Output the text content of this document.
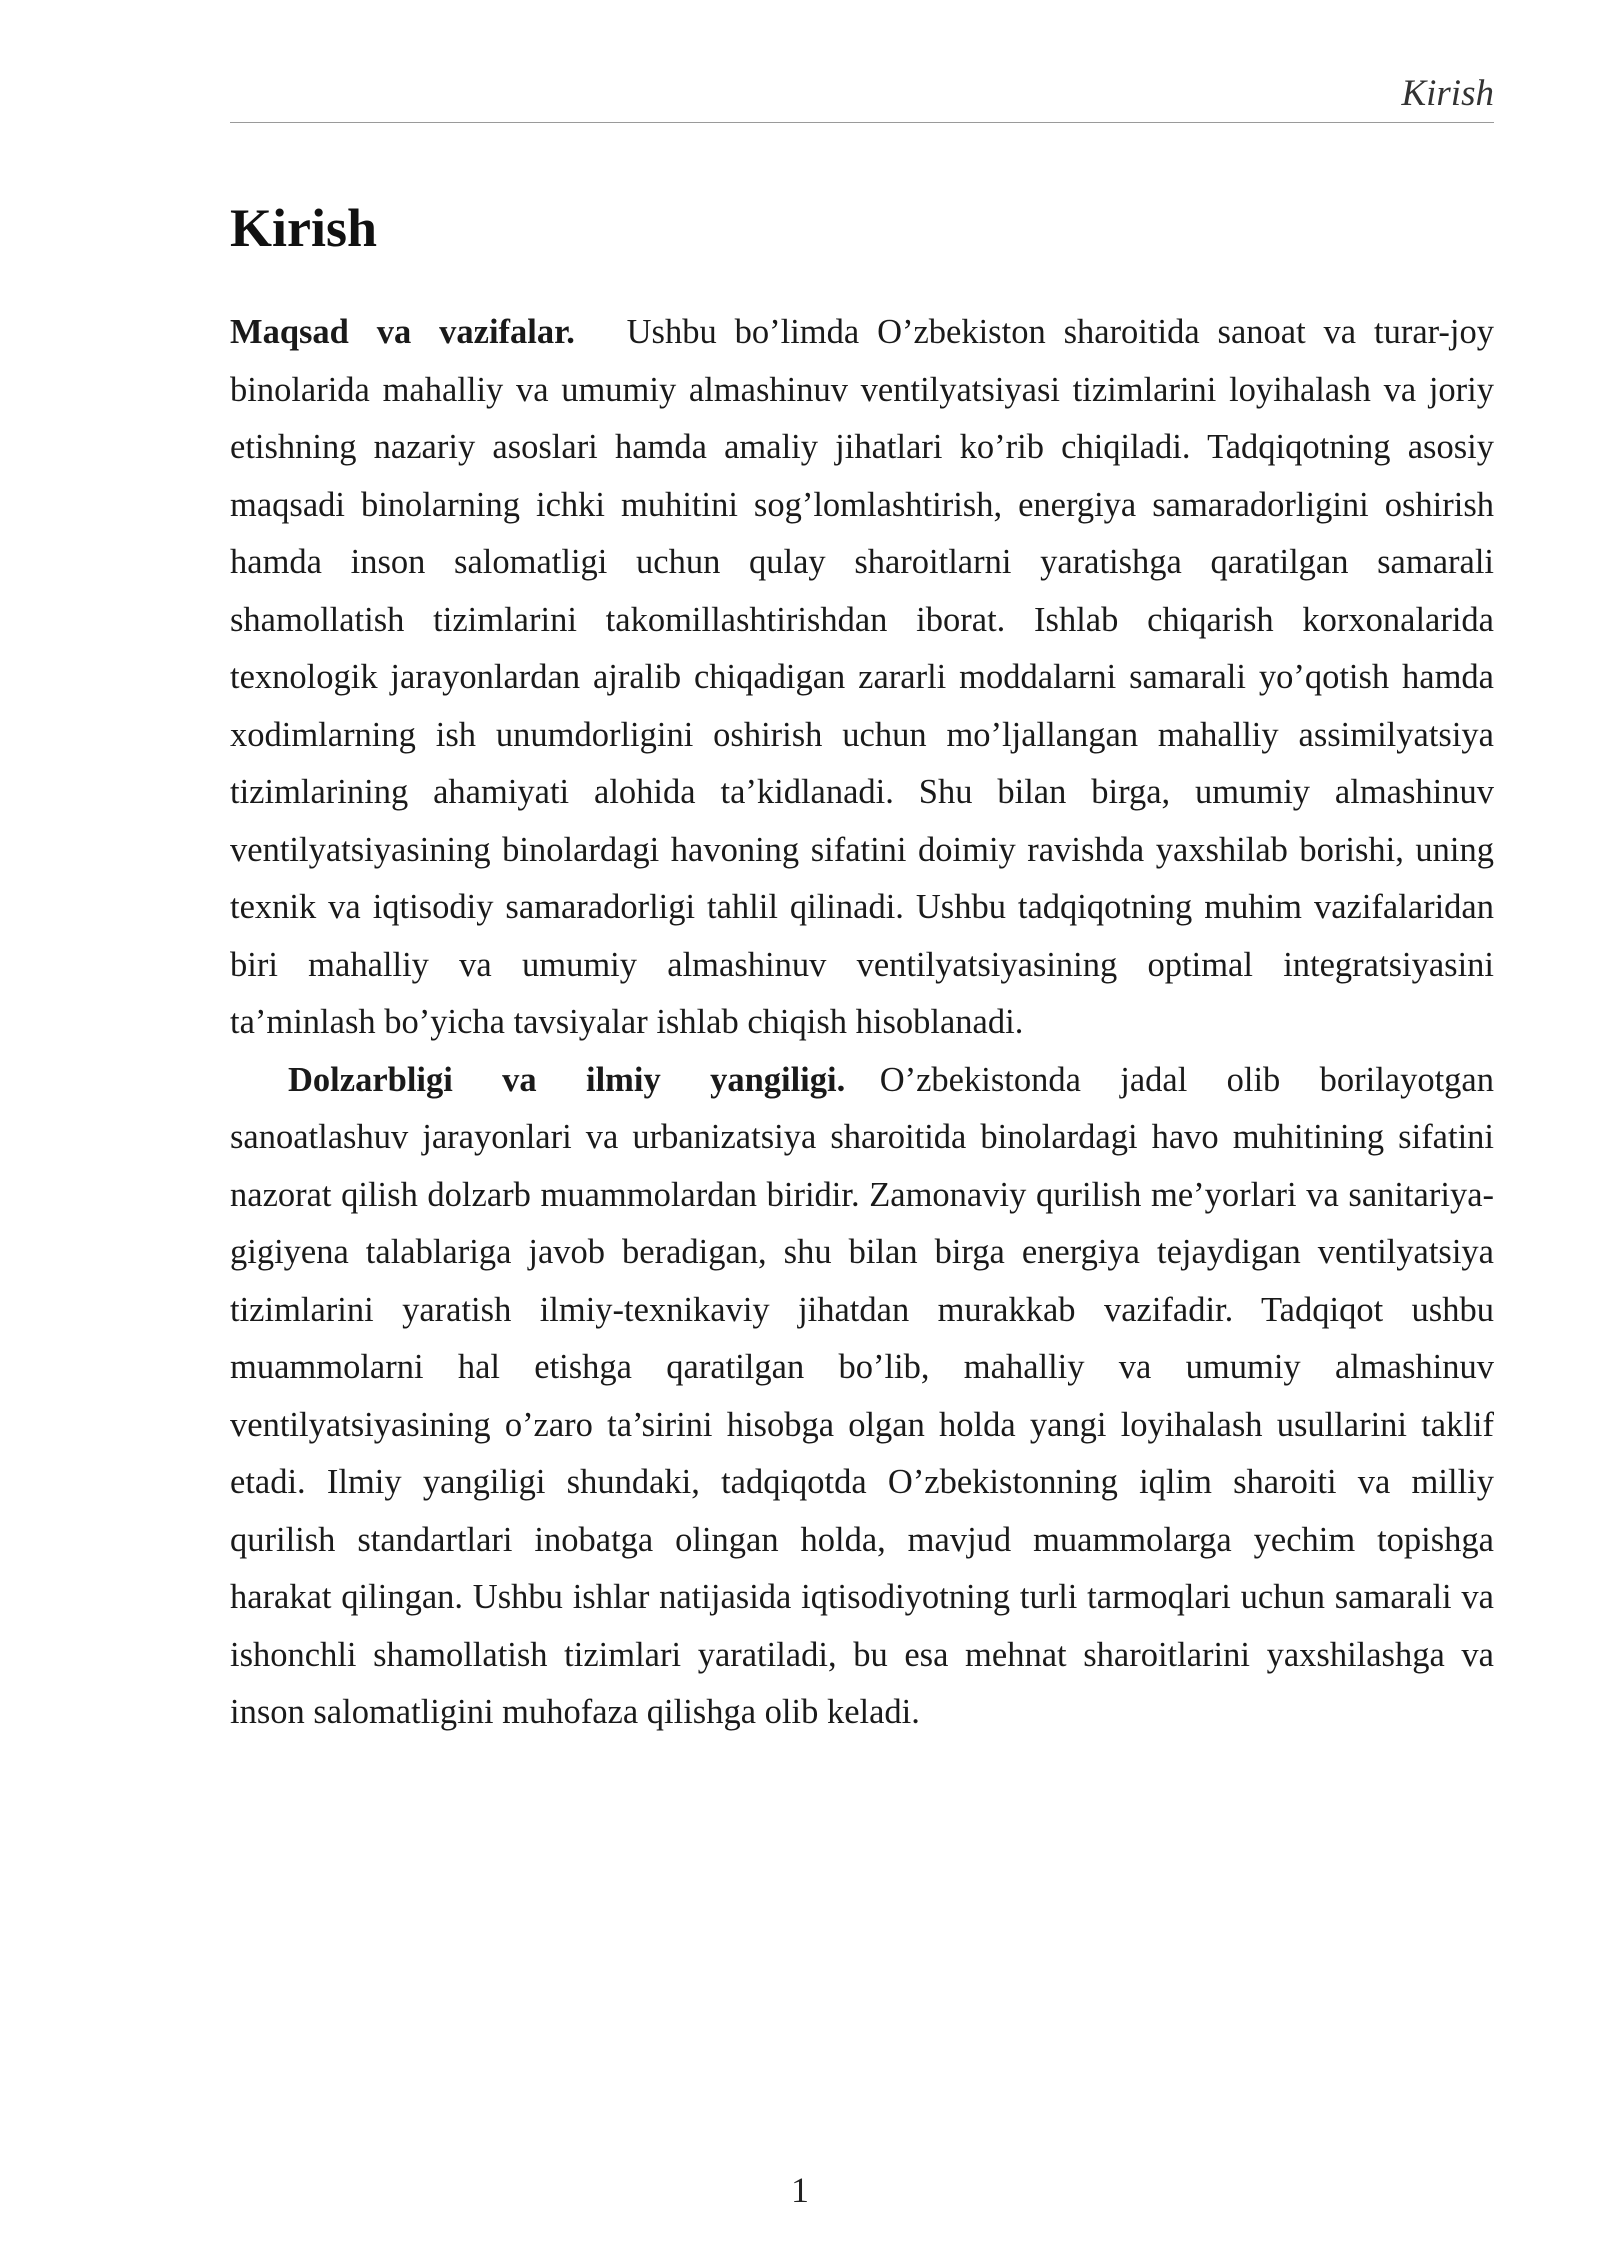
Kirish
Kirish

Maqsad va vazifalar.   Ushbu bo’limda O’zbekiston sharoitida sanoat va turar-joy binolarida mahalliy va umumiy almashinuv ventilyatsiyasi tizimlarini loyihalash va joriy etishning nazariy asoslari hamda amaliy jihatlari ko’rib chiqiladi. Tadqiqotning asosiy maqsadi binolarning ichki muhitini sog’lomlashtirish, energiya samaradorligini oshirish hamda inson salomatligi uchun qulay sharoitlarni yaratishga qaratilgan samarali shamollatish tizimlarini takomillashtirishdan iborat. Ishlab chiqarish korxonalarida texnologik jarayonlardan ajralib chiqadigan zararli moddalarni samarali yo’qotish hamda xodimlarning ish unumdorligini oshirish uchun mo’ljallangan mahalliy assimilyatsiya tizimlarining ahamiyati alohida ta’kidlanadi. Shu bilan birga, umumiy almashinuv ventilyatsiyasining binolardagi havoning sifatini doimiy ravishda yaxshilab borishi, uning texnik va iqtisodiy samaradorligi tahlil qilinadi. Ushbu tadqiqotning muhim vazifalaridan biri mahalliy va umumiy almashinuv ventilyatsiyasining optimal integratsiyasini ta’minlash bo’yicha tavsiyalar ishlab chiqish hisoblanadi.

Dolzarbligi va ilmiy yangiligi.  O’zbekistonda jadal olib borilayotgan sanoatlashuv jarayonlari va urbanizatsiya sharoitida binolardagi havo muhitining sifatini nazorat qilish dolzarb muammolardan biridir. Zamonaviy qurilish me’yorlari va sanitariya-gigiyena talablariga javob beradigan, shu bilan birga energiya tejaydigan ventilyatsiya tizimlarini yaratish ilmiy-texnikaviy jihatdan murakkab vazifadir. Tadqiqot ushbu muammolarni hal etishga qaratilgan bo’lib, mahalliy va umumiy almashinuv ventilyatsiyasining o’zaro ta’sirini hisobga olgan holda yangi loyihalash usullarini taklif etadi. Ilmiy yangiligi shundaki, tadqiqotda O’zbekistonning iqlim sharoiti va milliy qurilish standartlari inobatga olingan holda, mavjud muammolarga yechim topishga harakat qilingan. Ushbu ishlar natijasida iqtisodiyotning turli tarmoqlari uchun samarali va ishonchli shamollatish tizimlari yaratiladi, bu esa mehnat sharoitlarini yaxshilashga va inson salomatligini muhofaza qilishga olib keladi.

1
